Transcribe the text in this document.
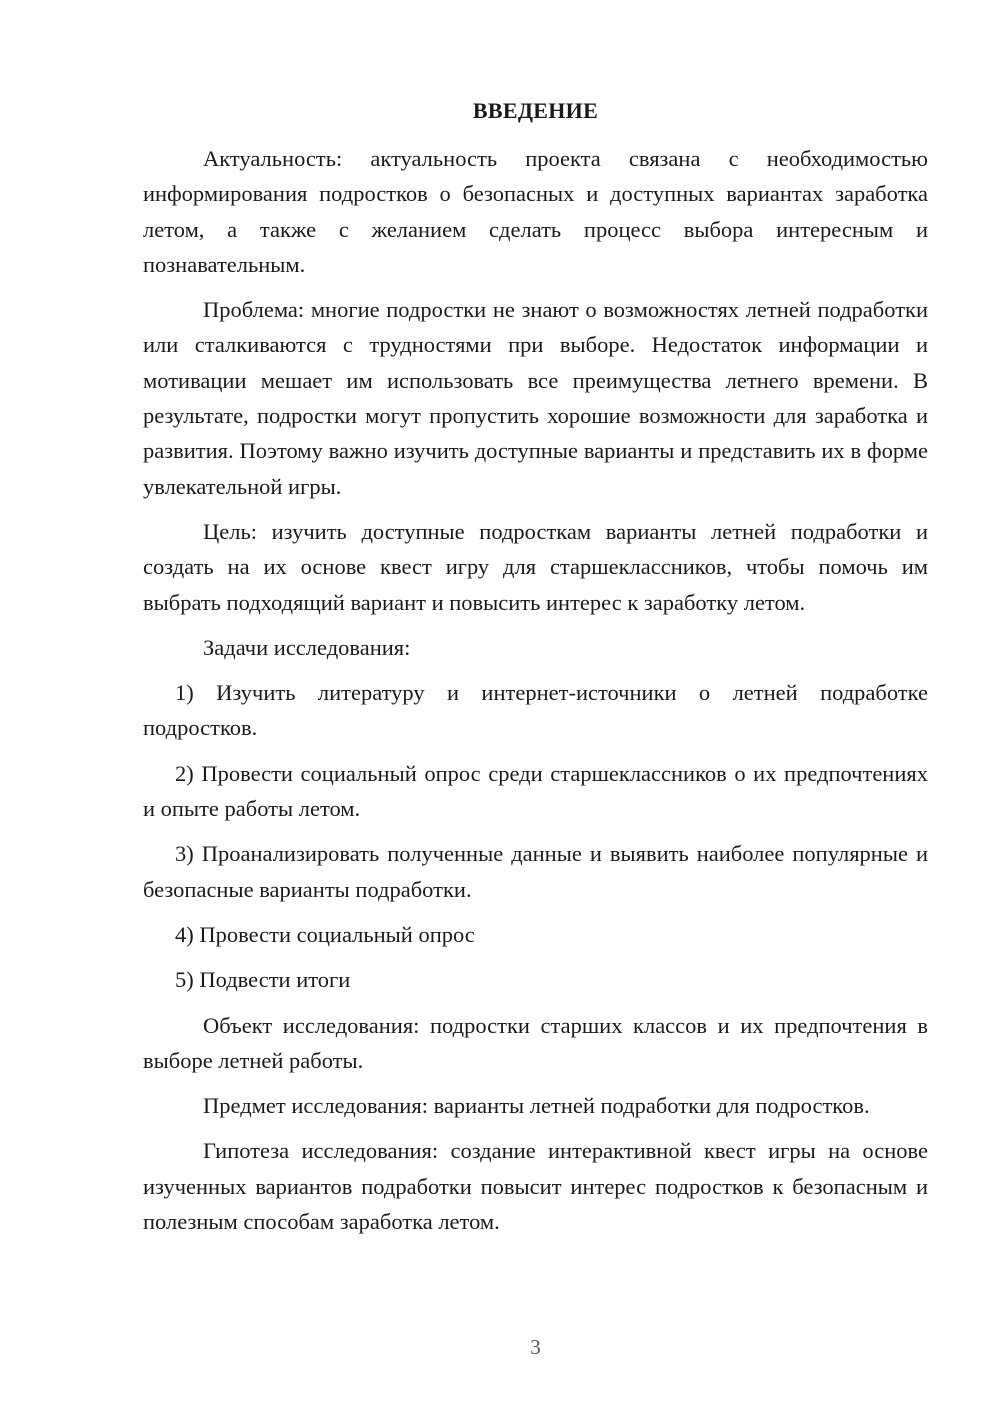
ВВЕДЕНИЕ

Актуальность: актуальность проекта связана с необходимостью информирования подростков о безопасных и доступных вариантах заработка летом, а также с желанием сделать процесс выбора интересным и познавательным.

Проблема: многие подростки не знают о возможностях летней подработки или сталкиваются с трудностями при выборе. Недостаток информации и мотивации мешает им использовать все преимущества летнего времени. В результате, подростки могут пропустить хорошие возможности для заработка и развития. Поэтому важно изучить доступные варианты и представить их в форме увлекательной игры.

Цель: изучить доступные подросткам варианты летней подработки и создать на их основе квест игру для старшеклассников, чтобы помочь им выбрать подходящий вариант и повысить интерес к заработку летом.

Задачи исследования:

1) Изучить литературу и интернет-источники о летней подработке подростков.

2) Провести социальный опрос среди старшеклассников о их предпочтениях и опыте работы летом.

3) Проанализировать полученные данные и выявить наиболее популярные и безопасные варианты подработки.

4) Провести социальный опрос

5) Подвести итоги

Объект исследования: подростки старших классов и их предпочтения в выборе летней работы.

Предмет исследования: варианты летней подработки для подростков.

Гипотеза исследования: создание интерактивной квест игры на основе изученных вариантов подработки повысит интерес подростков к безопасным и полезным способам заработка летом.

3
